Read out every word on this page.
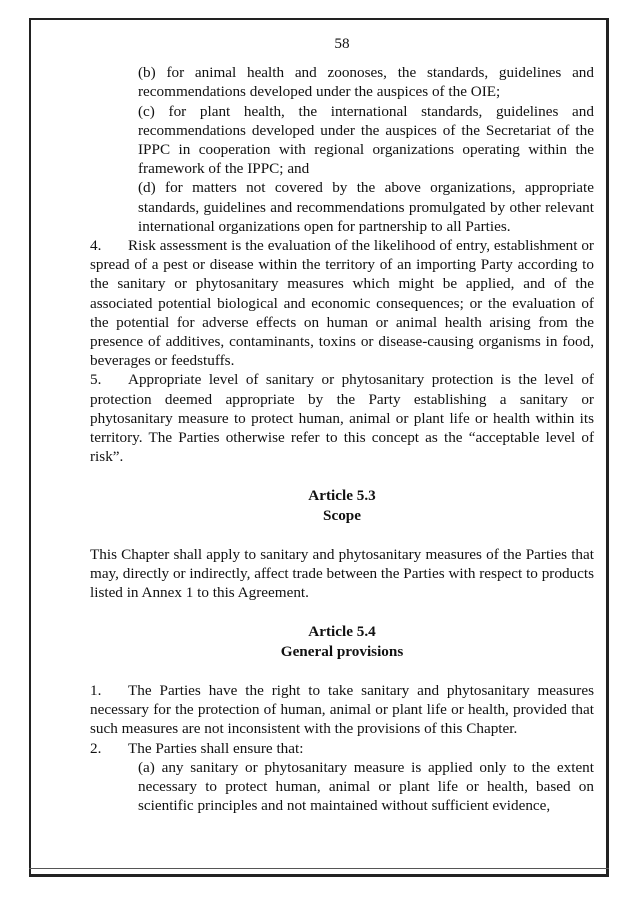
58

(b) for animal health and zoonoses, the standards, guidelines and recommendations developed under the auspices of the OIE;

(c) for plant health, the international standards, guidelines and recommendations developed under the auspices of the Secretariat of the IPPC in cooperation with regional organizations operating within the framework of the IPPC; and

(d) for matters not covered by the above organizations, appropriate standards, guidelines and recommendations promulgated by other relevant international organizations open for partnership to all Parties.

4. Risk assessment is the evaluation of the likelihood of entry, establishment or spread of a pest or disease within the territory of an importing Party according to the sanitary or phytosanitary measures which might be applied, and of the associated potential biological and economic consequences; or the evaluation of the potential for adverse effects on human or animal health arising from the presence of additives, contaminants, toxins or disease-causing organisms in food, beverages or feedstuffs.

5. Appropriate level of sanitary or phytosanitary protection is the level of protection deemed appropriate by the Party establishing a sanitary or phytosanitary measure to protect human, animal or plant life or health within its territory. The Parties otherwise refer to this concept as the “acceptable level of risk”.

Article 5.3
Scope

This Chapter shall apply to sanitary and phytosanitary measures of the Parties that may, directly or indirectly, affect trade between the Parties with respect to products listed in Annex 1 to this Agreement.

Article 5.4
General provisions

1. The Parties have the right to take sanitary and phytosanitary measures necessary for the protection of human, animal or plant life or health, provided that such measures are not inconsistent with the provisions of this Chapter.

2. The Parties shall ensure that:

(a) any sanitary or phytosanitary measure is applied only to the extent necessary to protect human, animal or plant life or health, based on scientific principles and not maintained without sufficient evidence,
